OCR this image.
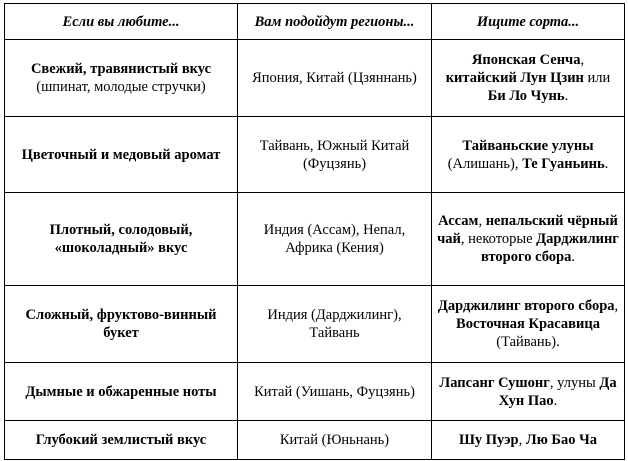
Если вы любите...	Вам подойдут регионы...	Ищите сорта...
Свежий, травянистый вкус (шпинат, молодые стручки)	Япония, Китай (Цзяннань)	Японская Сенча, китайский Лун Цзин или Би Ло Чунь.
Цветочный и медовый аромат	Тайвань, Южный Китай (Фуцзянь)	Тайваньские улуны (Алишань), Те Гуаньинь.
Плотный, солодовый, «шоколадный» вкус	Индия (Ассам), Непал, Африка (Кения)	Ассам, непальский чёрный чай, некоторые Дарджилинг второго сбора.
Сложный, фруктово-винный букет	Индия (Дарджилинг), Тайвань	Дарджилинг второго сбора, Восточная Красавица (Тайвань).
Дымные и обжаренные ноты	Китай (Уишань, Фуцзянь)	Лапсанг Сушонг, улуны Да Хун Пао.
Глубокий землистый вкус	Китай (Юньнань)	Шу Пуэр, Лю Бао Ча
